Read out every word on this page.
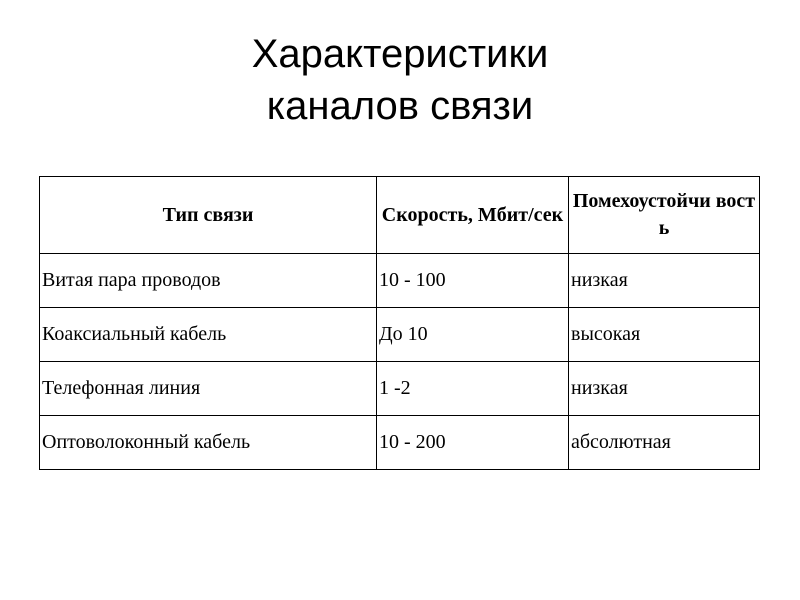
Характеристики
каналов связи
Тип связи	Скорость, Мбит/сек	Помехоустойчи вость
Витая пара проводов	10 - 100	низкая
Коаксиальный кабель	До 10	высокая
Телефонная линия	1 -2	низкая
Оптоволоконный кабель	10 - 200	абсолютная
